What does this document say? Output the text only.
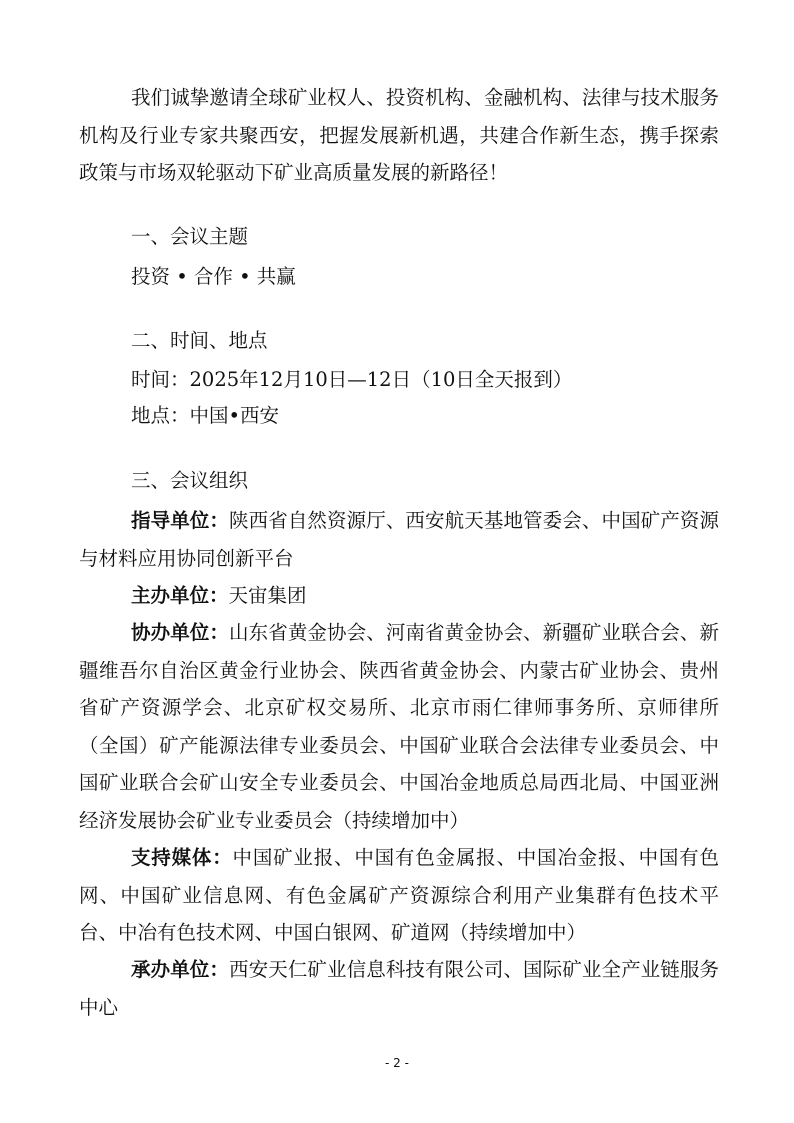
我们诚挚邀请全球矿业权人、投资机构、金融机构、法律与技术服务机构及行业专家共聚西安，把握发展新机遇，共建合作新生态，携手探索政策与市场双轮驱动下矿业高质量发展的新路径！

一、会议主题

投资 • 合作 • 共赢

二、时间、地点

时间：2025年12月10日—12日（10日全天报到）

地点：中国•西安

三、会议组织

指导单位：陕西省自然资源厅、西安航天基地管委会、中国矿产资源与材料应用协同创新平台

主办单位：天宙集团

协办单位：山东省黄金协会、河南省黄金协会、新疆矿业联合会、新疆维吾尔自治区黄金行业协会、陕西省黄金协会、内蒙古矿业协会、贵州省矿产资源学会、北京矿权交易所、北京市雨仁律师事务所、京师律所（全国）矿产能源法律专业委员会、中国矿业联合会法律专业委员会、中国矿业联合会矿山安全专业委员会、中国冶金地质总局西北局、中国亚洲经济发展协会矿业专业委员会（持续增加中）

支持媒体：中国矿业报、中国有色金属报、中国冶金报、中国有色网、中国矿业信息网、有色金属矿产资源综合利用产业集群有色技术平台、中冶有色技术网、中国白银网、矿道网（持续增加中）

承办单位：西安天仁矿业信息科技有限公司、国际矿业全产业链服务中心

- 2 -
